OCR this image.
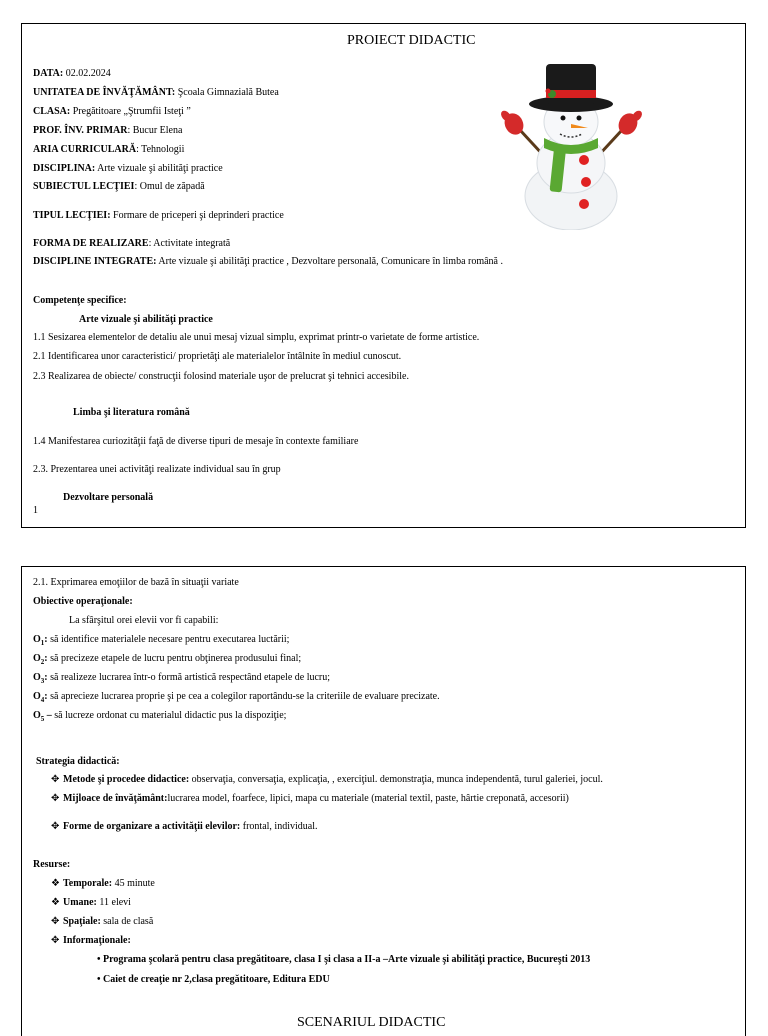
PROIECT DIDACTIC
DATA: 02.02.2024
UNITATEA DE ÎNVĂŢĂMÂNT: Şcoala Gimnazială Butea
CLASA: Pregătitoare „Ştrumfii Isteţi ”
PROF. ÎNV. PRIMAR: Bucur Elena
ARIA CURRICULARĂ: Tehnologii
DISCIPLINA: Arte vizuale şi abilităţi practice
SUBIECTUL LECŢIEI: Omul de zăpadă
TIPUL LECŢIEI: Formare de priceperi şi deprinderi practice
FORMA DE REALIZARE: Activitate integrată
DISCIPLINE INTEGRATE: Arte vizuale şi abilităţi practice , Dezvoltare personală, Comunicare în limba română .
Competenţe specifice:
Arte vizuale şi abilităţi practice
1.1 Sesizarea elementelor de detaliu ale unui mesaj vizual simplu, exprimat printr-o varietate de forme artistice.
2.1 Identificarea unor caracteristici/ proprietăţi ale materialelor întâlnite în mediul cunoscut.
2.3 Realizarea de obiecte/ construcţii folosind materiale uşor de prelucrat şi tehnici accesibile.
Limba şi literatura română
1.4 Manifestarea curiozităţii faţă de diverse tipuri de mesaje în contexte familiare
2.3. Prezentarea unei activităţi realizate individual sau în grup
Dezvoltare personală
1
2.1. Exprimarea emoţiilor de bază în situaţii variate
Obiective operaţionale:
La sfârşitul orei elevii vor fi capabili:
$O_1$: să identifice materialele necesare pentru executarea luctării;
$O_2$: să precizeze etapele de lucru pentru obţinerea produsului final;
$O_3$: să realizeze lucrarea într-o formă artistică respectând etapele de lucru;
$O_4$: să aprecieze lucrarea proprie şi pe cea a colegilor raportându-se la criteriile de evaluare precizate.
$O_5$ – să lucreze ordonat cu materialul didactic pus la dispoziţie;
Strategia didactică:
✥ Metode şi procedee didactice: observaţia, conversaţia, explicaţia, , exerciţiul. demonstraţia, munca independentă, turul galeriei, jocul.
✥ Mijloace de învăţământ:lucrarea model, foarfece, lipici, mapa cu materiale (material textil, paste, hârtie creponată, accesorii)
✥ Forme de organizare a activităţii elevilor: frontal, individual.
Resurse:
❖ Temporale: 45 minute
❖ Umane: 11 elevi
✥ Spaţiale: sala de clasă
✥ Informaţionale:
• Programa şcolară pentru clasa pregătitoare, clasa I şi clasa a II-a –Arte vizuale şi abilităţi practice, Bucureşti 2013
• Caiet de creaţie nr 2,clasa pregătitoare, Editura EDU
SCENARIUL DIDACTIC
